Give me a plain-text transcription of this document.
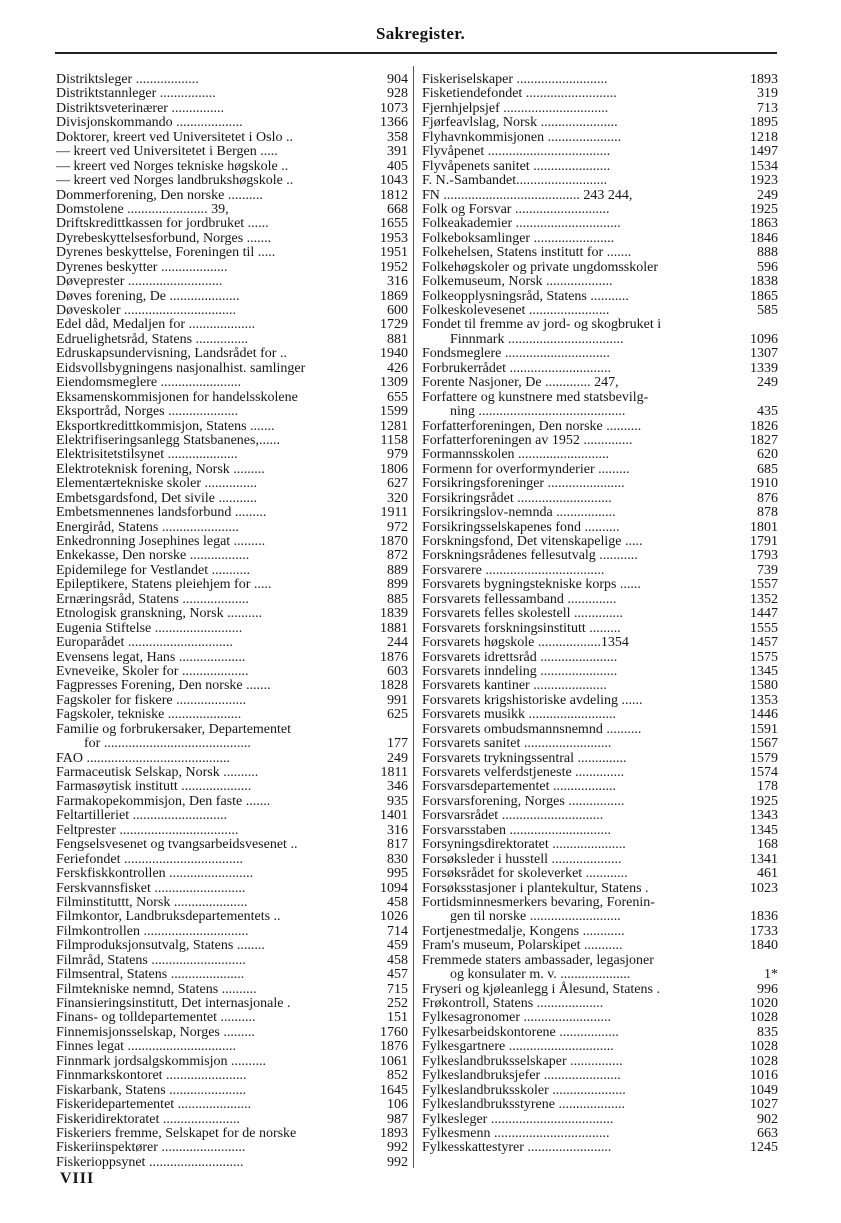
Sakregister.
Distriktsleger ..................	904
Distriktstannleger ................	928
Distriktsveterinærer ...............	1073
Divisjonskommando ...................	1366
Doktorer, kreert ved Universitetet i Oslo ..	358
— kreert ved Universitetet i Bergen .....	391
— kreert ved Norges tekniske høgskole ..	405
— kreert ved Norges landbrukshøgskole ..	1043
Dommerforening, Den norske ..........	1812
Domstolene ....................... 39,	668
Driftskredittkassen for jordbruket ......	1655
Dyrebeskyttelsesforbund, Norges .......	1953
Dyrenes beskyttelse, Foreningen til .....	1951
Dyrenes beskytter ...................	1952
Døveprester ...........................	316
Døves forening, De ....................	1869
Døveskoler ................................	600
Edel dåd, Medaljen for ...................	1729
Edruelighetsråd, Statens ...............	881
Edruskapsundervisning, Landsrådet for ..	1940
Eidsvollsbygningens nasjonalhist. samlinger	426
Eiendomsmeglere .......................	1309
Eksamenskommisjonen for handelsskolene	655
Eksportråd, Norges ....................	1599
Eksportkredittkommisjon, Statens .......	1281
Elektrifiseringsanlegg Statsbanenes,......	1158
Elektrisitetstilsynet ....................	979
Elektroteknisk forening, Norsk .........	1806
Elementærtekniske skoler ...............	627
Embetsgardsfond, Det sivile ...........	320
Embetsmennenes landsforbund .........	1911
Energiråd, Statens ......................	972
Enkedronning Josephines legat .........	1870
Enkekasse, Den norske .................	872
Epidemilege for Vestlandet ...........	889
Epileptikere, Statens pleiehjem for .....	899
Ernæringsråd, Statens ...................	885
Etnologisk granskning, Norsk ..........	1839
Eugenia Stiftelse .........................	1881
Europarådet ..............................	244
Evensens legat, Hans ...................	1876
Evneveike, Skoler for ...................	603
Fagpresses Forening, Den norske .......	1828
Fagskoler for fiskere ....................	991
Fagskoler, tekniske .....................	625
Familie og forbrukersaker, Departementet
for ..........................................	177
FAO .........................................	249
Farmaceutisk Selskap, Norsk ..........	1811
Farmasøytisk institutt ....................	346
Farmakopekommisjon, Den faste .......	935
Feltartilleriet ...........................	1401
Feltprester ..................................	316
Fengselsvesenet og tvangsarbeidsvesenet ..	817
Feriefondet ..................................	830
Ferskfiskkontrollen ........................	995
Ferskvannsfisket ..........................	1094
Filminstituttt, Norsk .....................	458
Filmkontor, Landbruksdepartementets ..	1026
Filmkontrollen ..............................	714
Filmproduksjonsutvalg, Statens ........	459
Filmråd, Statens ...........................	458
Filmsentral, Statens .....................	457
Filmtekniske nemnd, Statens ..........	715
Finansieringsinstitutt, Det internasjonale .	252
Finans- og tolldepartementet ..........	151
Finnemisjonsselskap, Norges .........	1760
Finnes legat ...............................	1876
Finnmark jordsalgskommisjon ..........	1061
Finnmarkskontoret .......................	852
Fiskarbank, Statens ......................	1645
Fiskeridepartementet .....................	106
Fiskeridirektoratet ......................	987
Fiskeriers fremme, Selskapet for de norske	1893
Fiskeriinspektører ........................	992
Fiskerioppsynet ...........................	992
Fiskeriselskaper ..........................	1893
Fisketiendefondet ..........................	319
Fjernhjelpsjef ..............................	713
Fjørfeavlslag, Norsk ......................	1895
Flyhavnkommisjonen .....................	1218
Flyvåpenet ...................................	1497
Flyvåpenets sanitet ......................	1534
F. N.-Sambandet..........................	1923
FN ....................................... 243 244,	249
Folk og Forsvar ...........................	1925
Folkeakademier ..............................	1863
Folkeboksamlinger .......................	1846
Folkehelsen, Statens institutt for .......	888
Folkehøgskoler og private ungdomsskoler	596
Folkemuseum, Norsk ...................	1838
Folkeopplysningsråd, Statens ...........	1865
Folkeskolevesenet .......................	585
Fondet til fremme av jord- og skogbruket i
Finnmark .................................	1096
Fondsmeglere ..............................	1307
Forbrukerrådet .............................	1339
Forente Nasjoner, De ............. 247,	249
Forfattere og kunstnere med statsbevilg-
ning ..........................................	435
Forfatterforeningen, Den norske ..........	1826
Forfatterforeningen av 1952 ..............	1827
Formannsskolen ..........................	620
Formenn for overformynderier .........	685
Forsikringsforeninger ......................	1910
Forsikringsrådet ...........................	876
Forsikringslov-nemnda .................	878
Forsikringsselskapenes fond ..........	1801
Forskningsfond, Det vitenskapelige .....	1791
Forskningsrådenes fellesutvalg ...........	1793
Forsvarere ..................................	739
Forsvarets bygningstekniske korps ......	1557
Forsvarets fellessamband ..............	1352
Forsvarets felles skolestell ..............	1447
Forsvarets forskningsinstitutt .........	1555
Forsvarets høgskole ..................1354	1457
Forsvarets idrettsråd ......................	1575
Forsvarets inndeling ......................	1345
Forsvarets kantiner .....................	1580
Forsvarets krigshistoriske avdeling ......	1353
Forsvarets musikk .........................	1446
Forsvarets ombudsmannsnemnd ..........	1591
Forsvarets sanitet .........................	1567
Forsvarets trykningssentral ..............	1579
Forsvarets velferdstjeneste ..............	1574
Forsvarsdepartementet ..................	178
Forsvarsforening, Norges ................	1925
Forsvarsrådet .............................	1343
Forsvarsstaben .............................	1345
Forsyningsdirektoratet .....................	168
Forsøksleder i husstell ....................	1341
Forsøksrådet for skoleverket ............	461
Forsøksstasjoner i plantekultur, Statens .	1023
Fortidsminnesmerkers bevaring, Forenin-
gen til norske ..........................	1836
Fortjenestmedalje, Kongens ............	1733
Fram's museum, Polarskipet ...........	1840
Fremmede staters ambassader, legasjoner
og konsulater m. v. ....................	1*
Fryseri og kjøleanlegg i Ålesund, Statens .	996
Frøkontroll, Statens ...................	1020
Fylkesagronomer .........................	1028
Fylkesarbeidskontorene .................	835
Fylkesgartnere ..............................	1028
Fylkeslandbruksselskaper ...............	1028
Fylkeslandbruksjefer ......................	1016
Fylkeslandbruksskoler .....................	1049
Fylkeslandbruksstyrene ...................	1027
Fylkesleger ...................................	902
Fylkesmenn .................................	663
Fylkesskattestyrer ........................	1245
VIII
